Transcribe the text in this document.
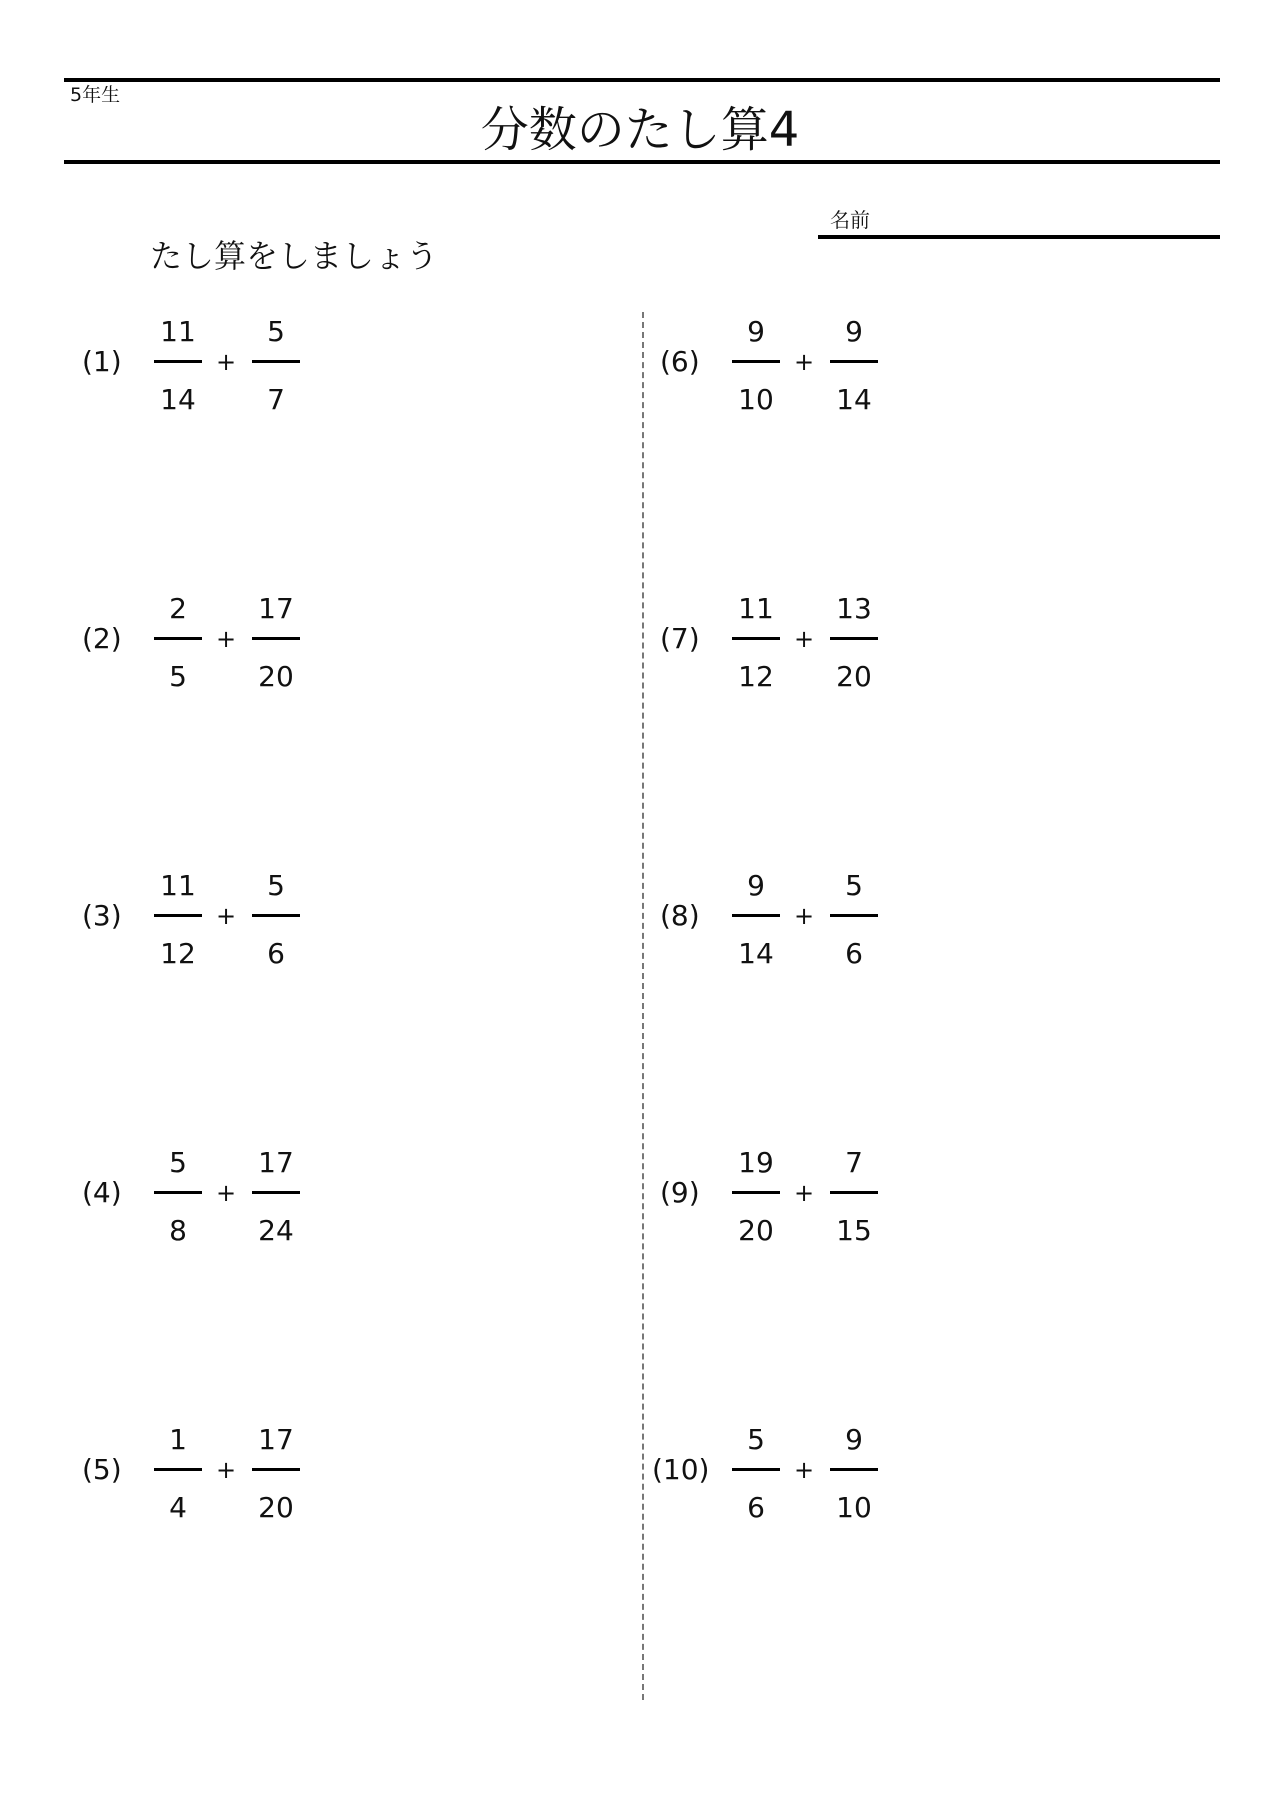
5年生
分数のたし算4
名前
たし算をしましょう
(1)
11
14
+
5
7
(2)
2
5
+
17
20
(3)
11
12
+
5
6
(4)
5
8
+
17
24
(5)
1
4
+
17
20
(6)
9
10
+
9
14
(7)
11
12
+
13
20
(8)
9
14
+
5
6
(9)
19
20
+
7
15
(10)
5
6
+
9
10
